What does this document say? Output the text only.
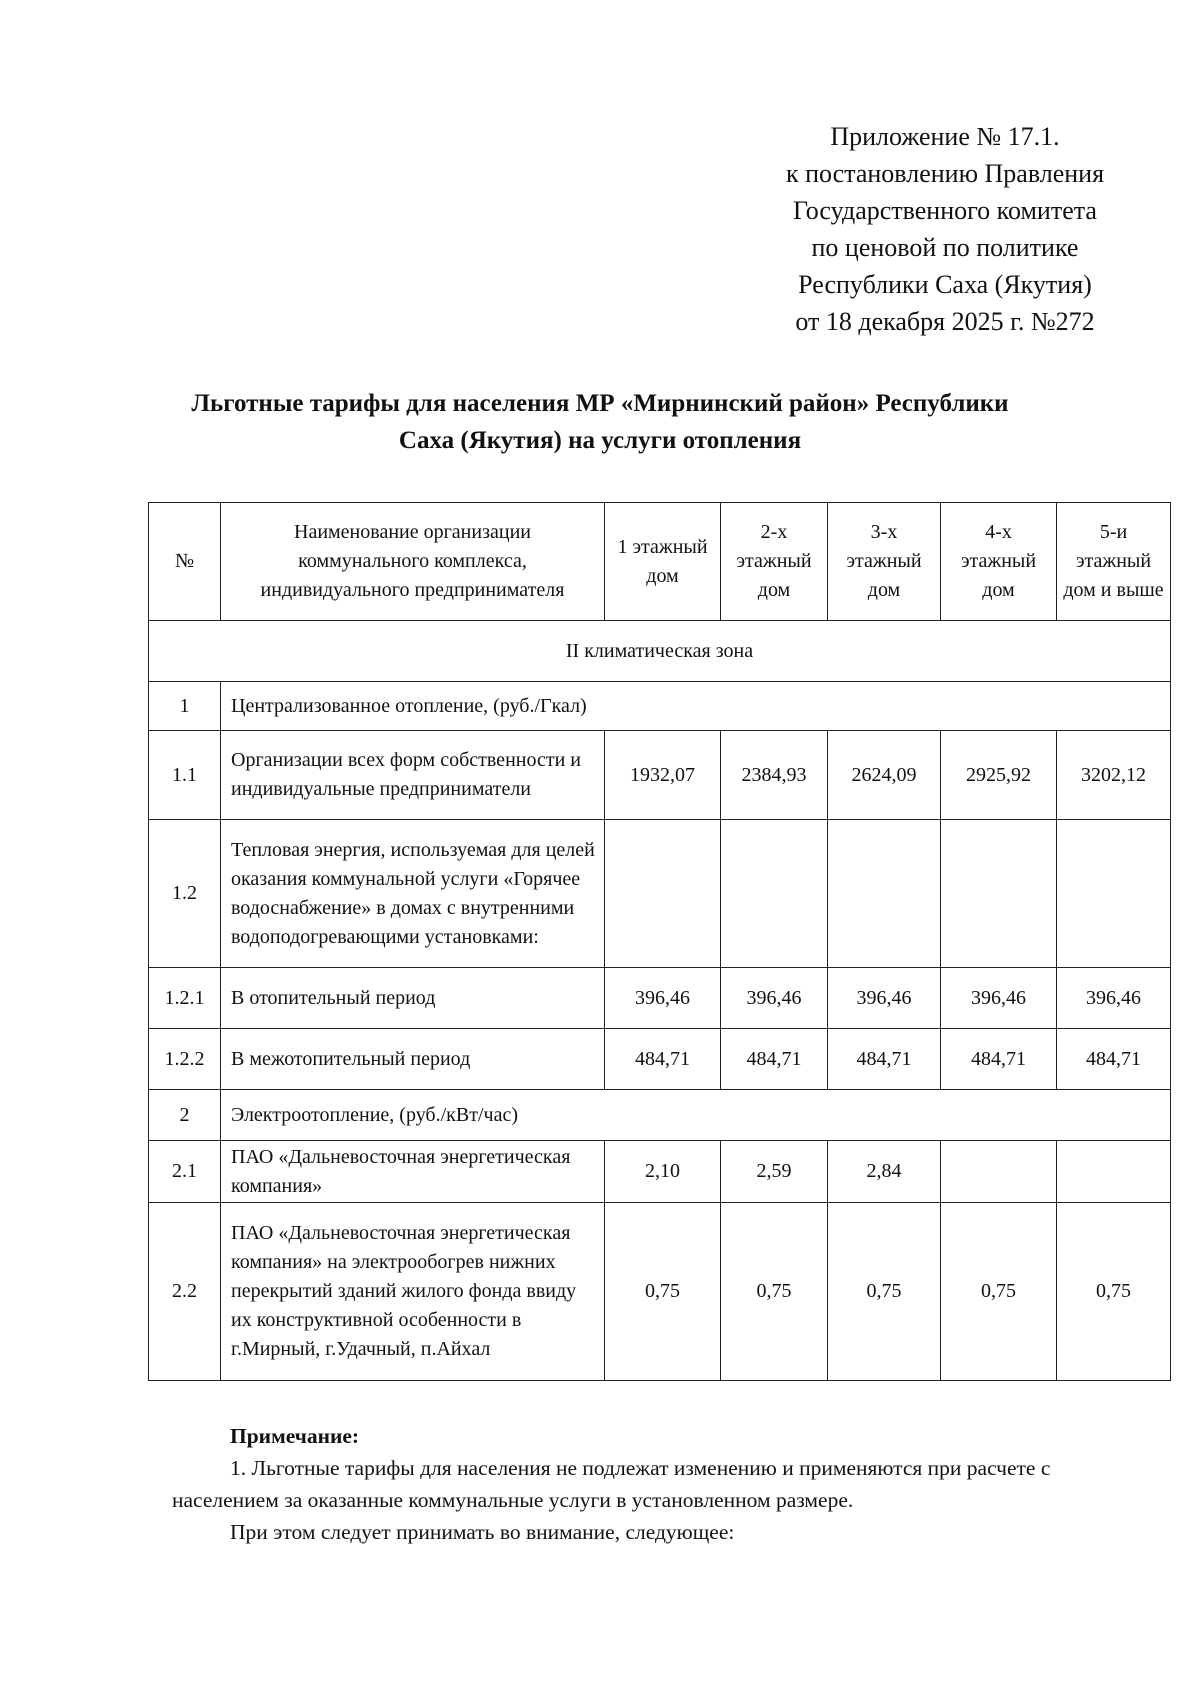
Приложение № 17.1.
к постановлению Правления
Государственного комитета
по ценовой по политике
Республики Саха (Якутия)
от 18 декабря 2025 г. №272
Льготные тарифы для населения МР «Мирнинский район» Республики
Саха (Якутия) на услуги отопления
№	Наименование организации коммунального комплекса, индивидуального предпринимателя	1 этажный дом	2-х этажный дом	3-х этажный дом	4-х этажный дом	5-и этажный дом и выше
II климатическая зона						
1	Централизованное отопление, (руб./Гкал)					
1.1	Организации всех форм собственности и индивидуальные предприниматели	1932,07	2384,93	2624,09	2925,92	3202,12
1.2	Тепловая энергия, используемая для целей оказания коммунальной услуги «Горячее водоснабжение» в домах с внутренними водоподогревающими установками:					
1.2.1	В отопительный период	396,46	396,46	396,46	396,46	396,46
1.2.2	В межотопительный период	484,71	484,71	484,71	484,71	484,71
2	Электроотопление, (руб./кВт/час)					
2.1	ПАО «Дальневосточная энергетическая компания»	2,10	2,59	2,84		
2.2	ПАО «Дальневосточная энергетическая компания» на электрообогрев нижних перекрытий зданий жилого фонда ввиду их конструктивной особенности в г.Мирный, г.Удачный, п.Айхал	0,75	0,75	0,75	0,75	0,75
Примечание:
1. Льготные тарифы для населения не подлежат изменению и применяются при расчете с населением за оказанные коммунальные услуги в установленном размере.
При этом следует принимать во внимание, следующее:
